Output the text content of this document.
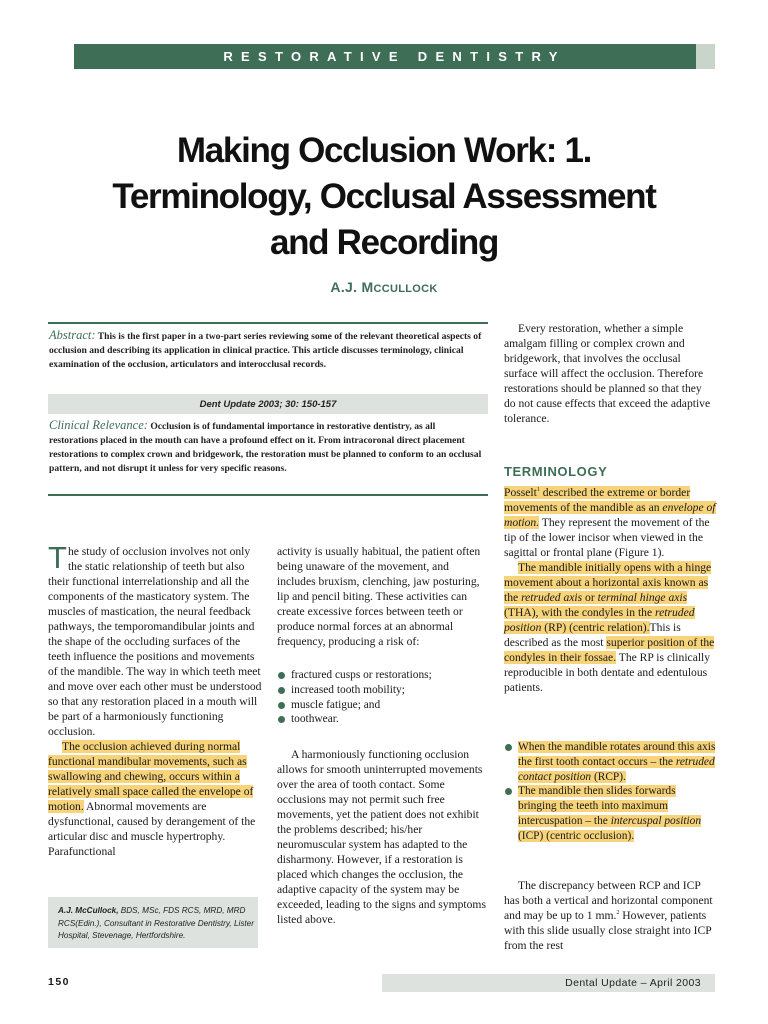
RESTORATIVE DENTISTRY
Making Occlusion Work: 1.
Terminology, Occlusal Assessment
and Recording
A.J. MCCULLOCK
Abstract: This is the first paper in a two-part series reviewing some of the relevant theoretical aspects of occlusion and describing its application in clinical practice. This article discusses terminology, clinical examination of the occlusion, articulators and interocclusal records.
Dent Update 2003; 30: 150-157
Clinical Relevance: Occlusion is of fundamental importance in restorative dentistry, as all restorations placed in the mouth can have a profound effect on it. From intracoronal direct placement restorations to complex crown and bridgework, the restoration must be planned to conform to an occlusal pattern, and not disrupt it unless for very specific reasons.

The study of occlusion involves not only the static relationship of teeth but also their functional interrelationship and all the components of the masticatory system. The muscles of mastication, the neural feedback pathways, the temporomandibular joints and the shape of the occluding surfaces of the teeth influence the positions and movements of the mandible. The way in which teeth meet and move over each other must be understood so that any restoration placed in a mouth will be part of a harmoniously functioning occlusion.

The occlusion achieved during normal functional mandibular movements, such as swallowing and chewing, occurs within a relatively small space called the envelope of motion. Abnormal movements are dysfunctional, caused by derangement of the articular disc and muscle hypertrophy. Parafunctional

A.J. McCullock, BDS, MSc, FDS RCS, MRD, MRD RCS(Edin.), Consultant in Restorative Dentistry, Lister Hospital, Stevenage, Hertfordshire.

activity is usually habitual, the patient often being unaware of the movement, and includes bruxism, clenching, jaw posturing, lip and pencil biting. These activities can create excessive forces between teeth or produce normal forces at an abnormal frequency, producing a risk of:

fractured cusps or restorations;
increased tooth mobility;
muscle fatigue; and
toothwear.

A harmoniously functioning occlusion allows for smooth uninterrupted movements over the area of tooth contact. Some occlusions may not permit such free movements, yet the patient does not exhibit the problems described; his/her neuromuscular system has adapted to the disharmony. However, if a restoration is placed which changes the occlusion, the adaptive capacity of the system may be exceeded, leading to the signs and symptoms listed above.

Every restoration, whether a simple amalgam filling or complex crown and bridgework, that involves the occlusal surface will affect the occlusion. Therefore restorations should be planned so that they do not cause effects that exceed the adaptive tolerance.

TERMINOLOGY

Posselt$^1$ described the extreme or border movements of the mandible as an envelope of motion. They represent the movement of the tip of the lower incisor when viewed in the sagittal or frontal plane (Figure 1).

The mandible initially opens with a hinge movement about a horizontal axis known as the retruded axis or terminal hinge axis (THA), with the condyles in the retruded position (RP) (centric relation).This is described as the most superior position of the condyles in their fossae. The RP is clinically reproducible in both dentate and edentulous patients.

When the mandible rotates around this axis the first tooth contact occurs – the retruded contact position (RCP).
The mandible then slides forwards bringing the teeth into maximum intercuspation – the intercuspal position (ICP) (centric occlusion).

The discrepancy between RCP and ICP has both a vertical and horizontal component and may be up to 1 mm.$^2$ However, patients with this slide usually close straight into ICP from the rest

150	Dental Update – April 2003
